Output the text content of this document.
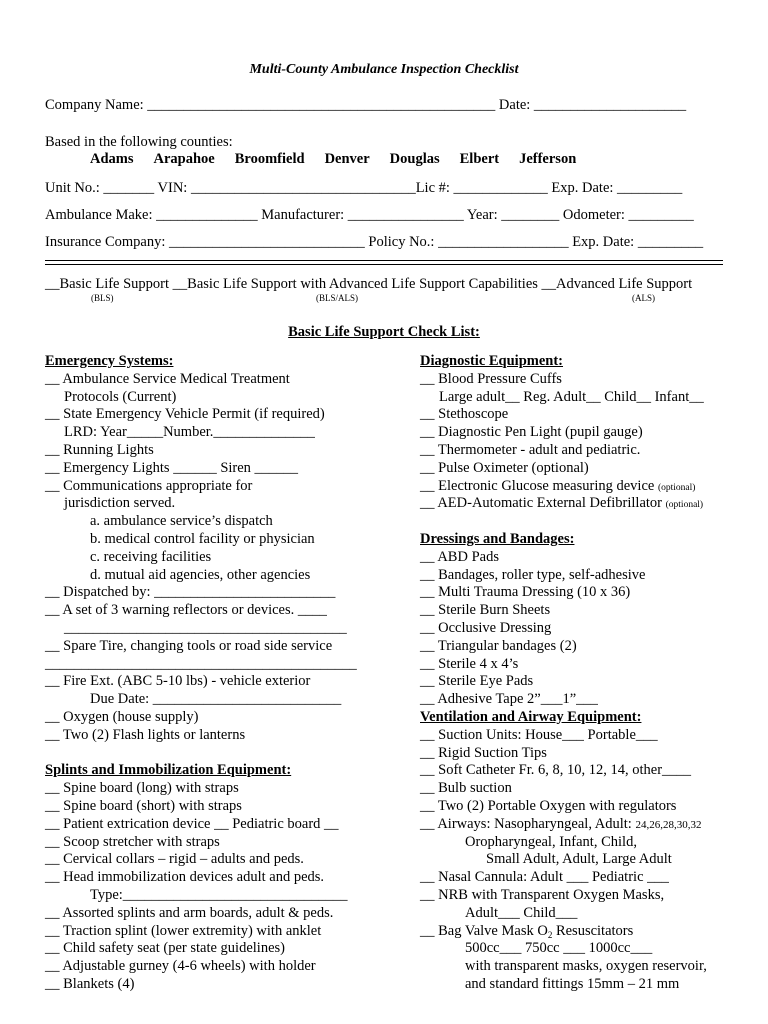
Multi-County Ambulance Inspection Checklist
Company Name: ________________________________________________ Date: _____________________
Based in the following counties:
Adams Arapahoe Broomfield Denver Douglas Elbert Jefferson
Unit No.: _______ VIN: _______________________________Lic #: _____________ Exp. Date: _________
Ambulance Make: ______________ Manufacturer: ________________ Year: ________ Odometer: _________
Insurance Company: ___________________________ Policy No.: __________________ Exp. Date: _________
__Basic Life Support __Basic Life Support with Advanced Life Support Capabilities __Advanced Life Support
(BLS)	(BLS/ALS)	(ALS)
Basic Life Support Check List:
Emergency Systems:
__ Ambulance Service Medical Treatment
Protocols (Current)
__ State Emergency Vehicle Permit (if required)
LRD: Year_____Number.______________
__ Running Lights
__ Emergency Lights ______ Siren ______
__ Communications appropriate for
jurisdiction served.
a. ambulance service’s dispatch
b. medical control facility or physician
c. receiving facilities
d. mutual aid agencies, other agencies
__ Dispatched by: _________________________
__ A set of 3 warning reflectors or devices. ____
_______________________________________
__ Spare Tire, changing tools or road side service
___________________________________________
__ Fire Ext. (ABC 5-10 lbs) - vehicle exterior
Due Date: __________________________
__ Oxygen (house supply)
__ Two (2) Flash lights or lanterns
Splints and Immobilization Equipment:
__ Spine board (long) with straps
__ Spine board (short) with straps
__ Patient extrication device __ Pediatric board __
__ Scoop stretcher with straps
__ Cervical collars – rigid – adults and peds.
__ Head immobilization devices adult and peds.
Type:_______________________________
__ Assorted splints and arm boards, adult & peds.
__ Traction splint (lower extremity) with anklet
__ Child safety seat (per state guidelines)
__ Adjustable gurney (4-6 wheels) with holder
__ Blankets (4)
Diagnostic Equipment:
__ Blood Pressure Cuffs
Large adult__ Reg. Adult__ Child__ Infant__
__ Stethoscope
__ Diagnostic Pen Light (pupil gauge)
__ Thermometer - adult and pediatric.
__ Pulse Oximeter (optional)
__ Electronic Glucose measuring device (optional)
__ AED-Automatic External Defibrillator (optional)
Dressings and Bandages:
__ ABD Pads
__ Bandages, roller type, self-adhesive
__ Multi Trauma Dressing (10 x 36)
__ Sterile Burn Sheets
__ Occlusive Dressing
__ Triangular bandages (2)
__ Sterile 4 x 4’s
__ Sterile Eye Pads
__ Adhesive Tape 2”___1”___
Ventilation and Airway Equipment:
__ Suction Units: House___ Portable___
__ Rigid Suction Tips
__ Soft Catheter Fr. 6, 8, 10, 12, 14, other____
__ Bulb suction
__ Two (2) Portable Oxygen with regulators
__ Airways: Nasopharyngeal, Adult: 24,26,28,30,32
Oropharyngeal, Infant, Child,
Small Adult, Adult, Large Adult
__ Nasal Cannula: Adult ___ Pediatric ___
__ NRB with Transparent Oxygen Masks,
Adult___ Child___
__ Bag Valve Mask $O_2$ Resuscitators
500cc___ 750cc ___ 1000cc___
with transparent masks, oxygen reservoir,
and standard fittings 15mm – 21 mm
